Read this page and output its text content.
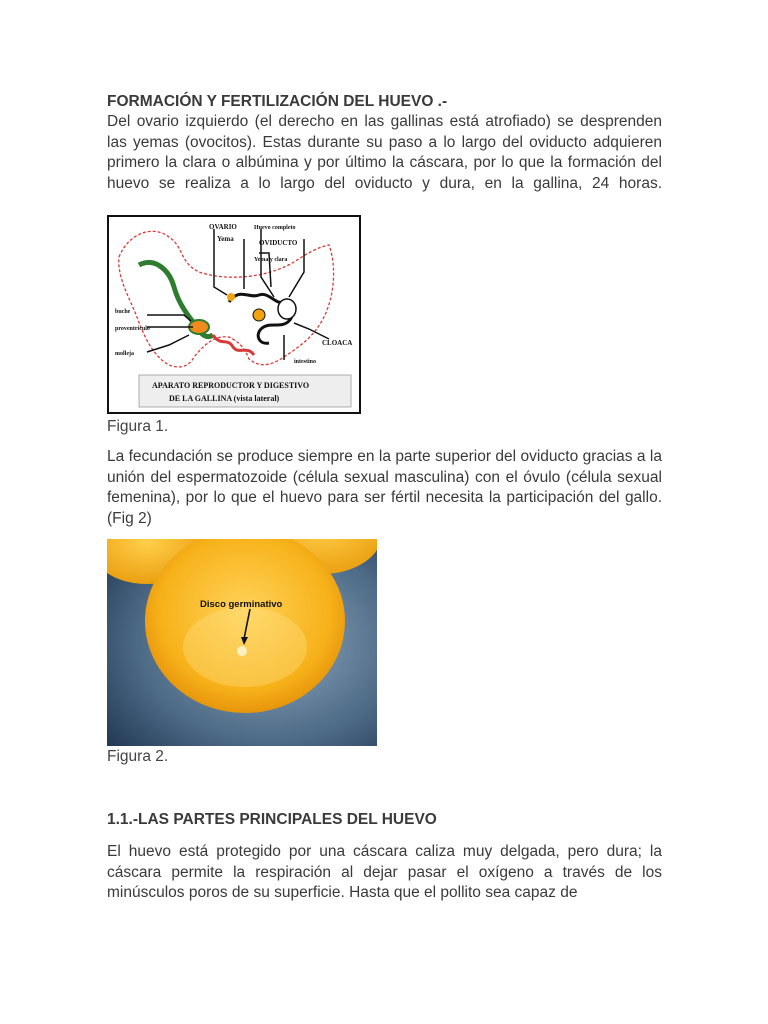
FORMACIÓN Y FERTILIZACIÓN DEL HUEVO .-

Del ovario izquierdo (el derecho en las gallinas está atrofiado) se desprenden las yemas (ovocitos). Estas durante su paso a lo largo del oviducto adquieren primero la clara o albúmina y por último la cáscara, por lo que la formación del huevo se realiza a lo largo del oviducto y dura, en la gallina, 24 horas.

OVARIO	Huevo completo
Yema	OVIDUCTO
Yema y clara
buche
proventrículo
molleja
CLOACA
intestino
APARATO REPRODUCTOR Y DIGESTIVO
DE LA GALLINA (vista lateral)

Figura 1.

La fecundación se produce siempre en la parte superior del oviducto gracias a la unión del espermatozoide (célula sexual masculina) con el óvulo (célula sexual femenina), por lo que el huevo para ser fértil necesita la participación del gallo. (Fig 2)

Disco germinativo

Figura 2.

1.1.-LAS PARTES PRINCIPALES DEL HUEVO

El huevo está protegido por una cáscara caliza muy delgada, pero dura; la cáscara permite la respiración al dejar pasar el oxígeno a través de los minúsculos poros de su superficie. Hasta que el pollito sea capaz de
